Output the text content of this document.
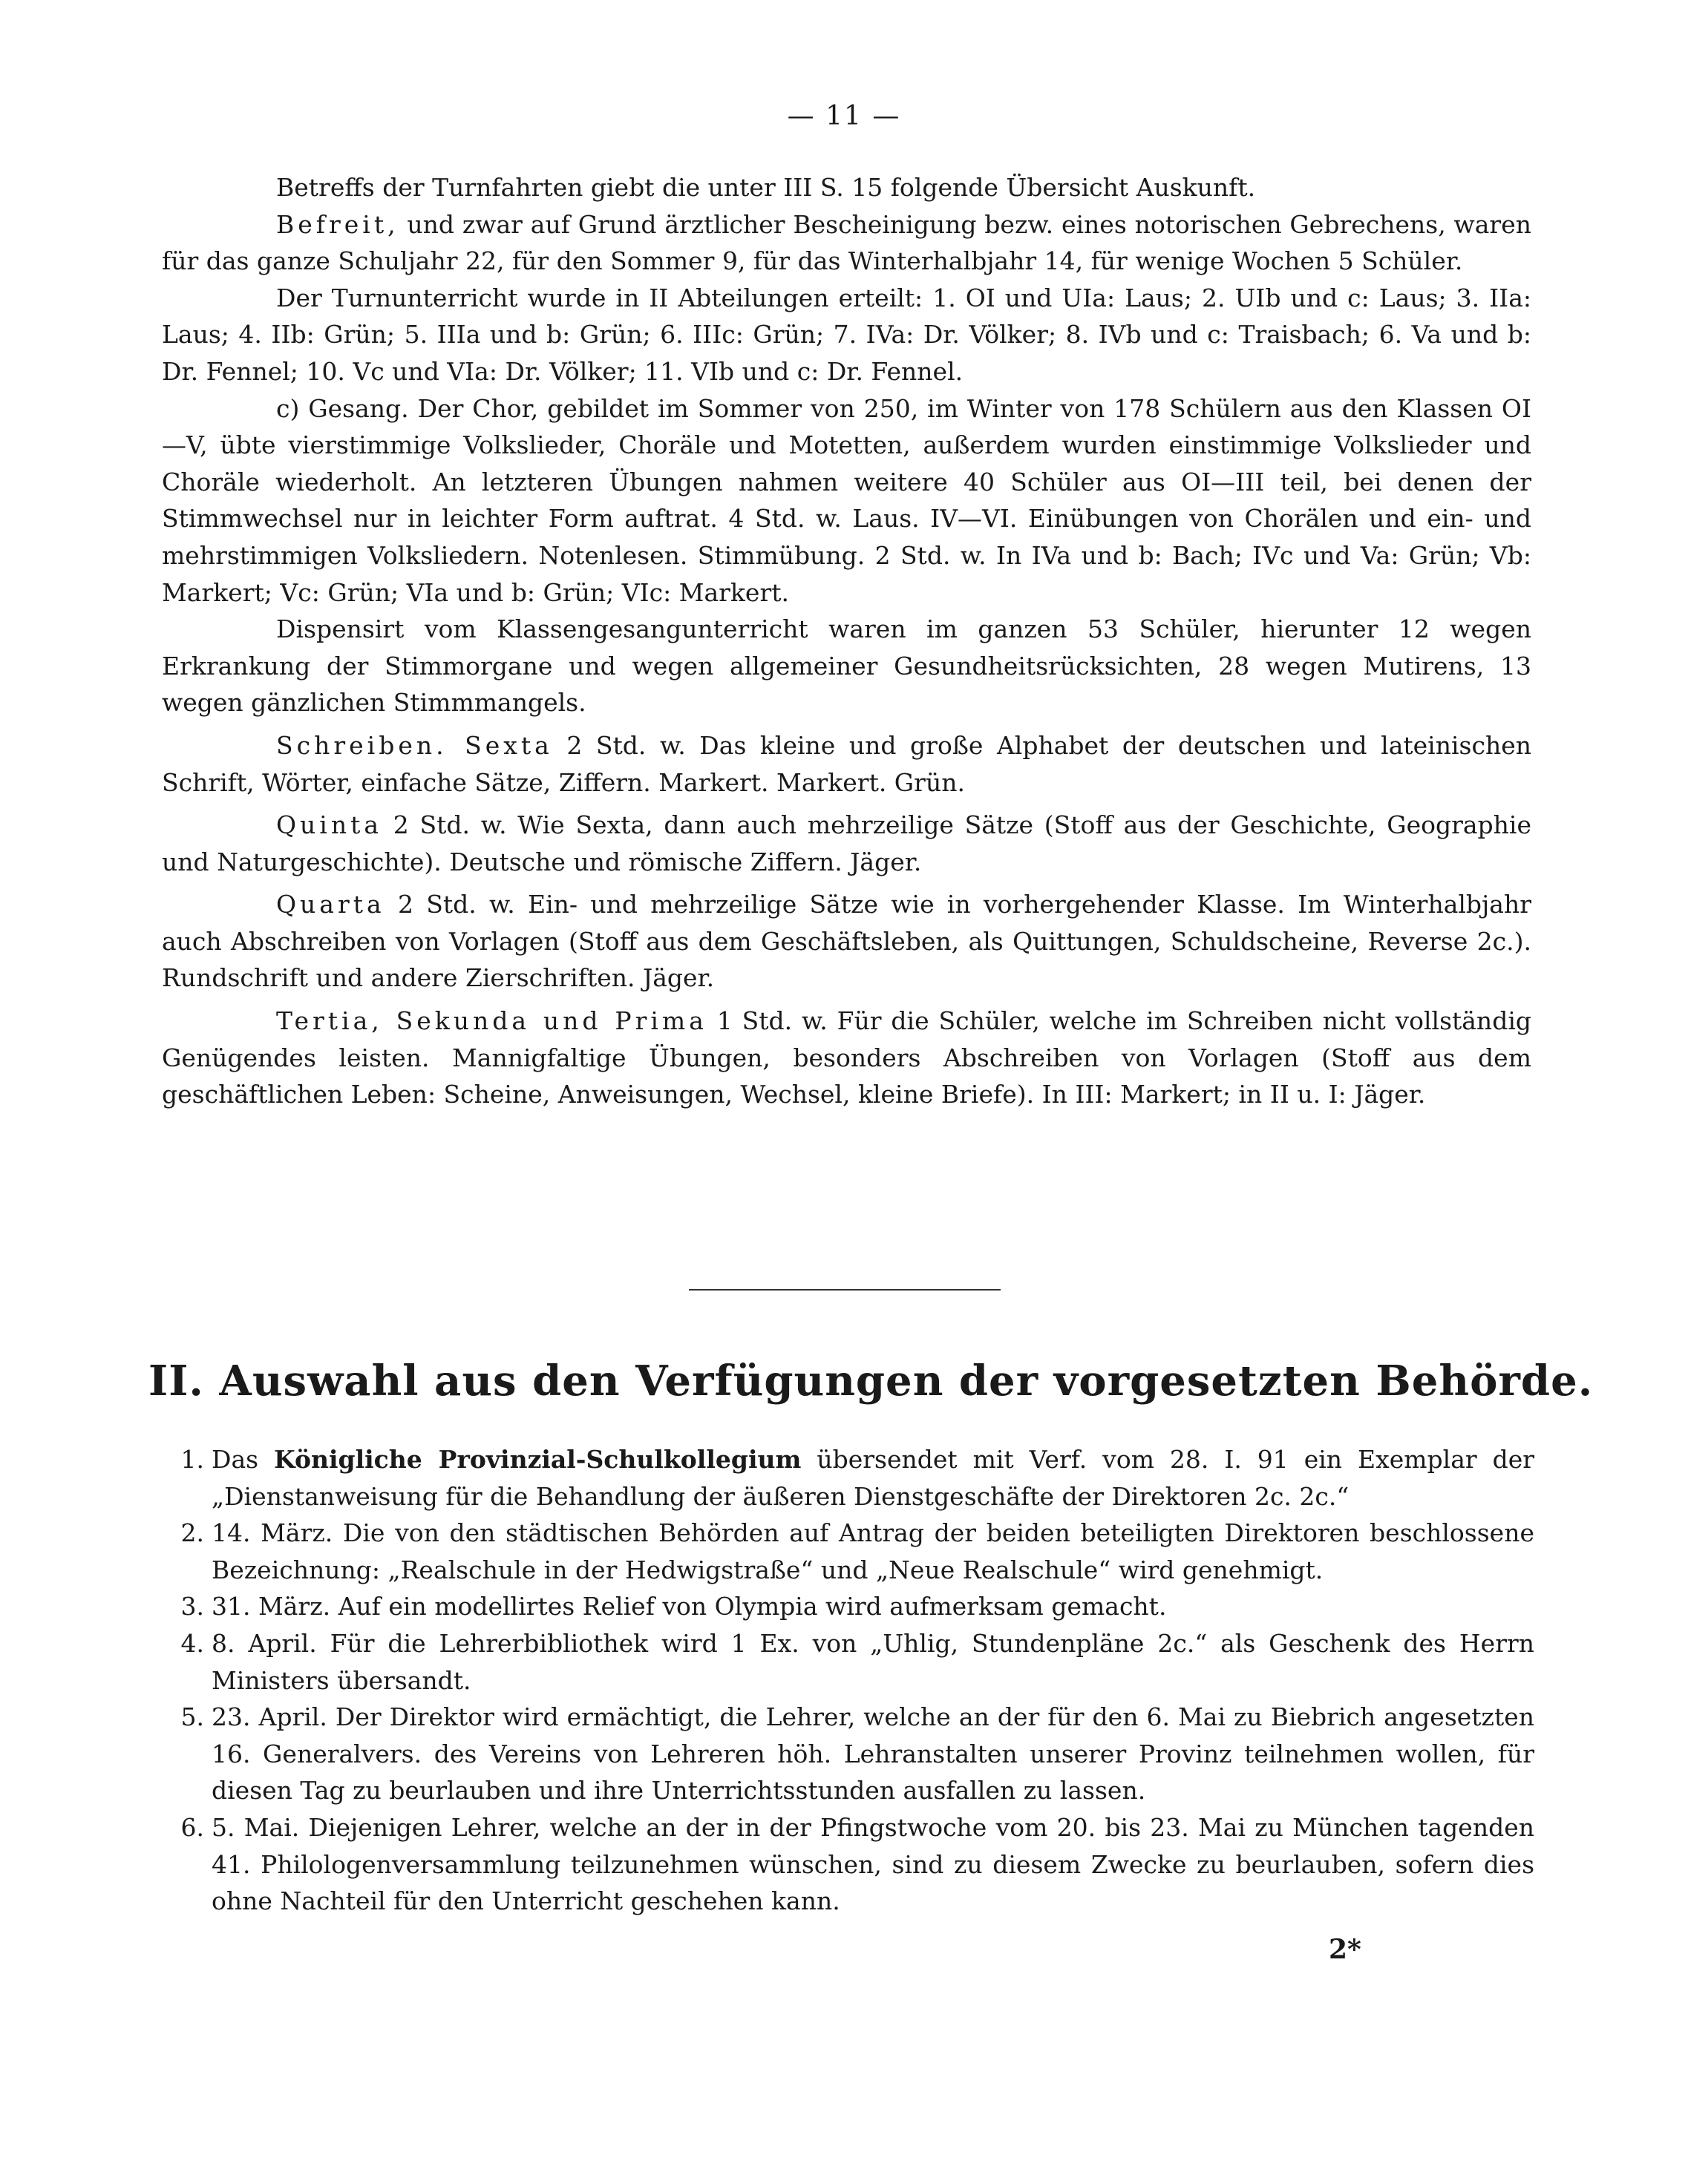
— 11 —

Betreffs der Turnfahrten giebt die unter III S. 15 folgende Übersicht Auskunft.

Befreit, und zwar auf Grund ärztlicher Bescheinigung bezw. eines notorischen Gebrechens, waren für das ganze Schuljahr 22, für den Sommer 9, für das Winterhalbjahr 14, für wenige Wochen 5 Schüler.

Der Turnunterricht wurde in II Abteilungen erteilt: 1. OI und UIa: Laus; 2. UIb und c: Laus; 3. IIa: Laus; 4. IIb: Grün; 5. IIIa und b: Grün; 6. IIIc: Grün; 7. IVa: Dr. Völker; 8. IVb und c: Traisbach; 6. Va und b: Dr. Fennel; 10. Vc und VIa: Dr. Völker; 11. VIb und c: Dr. Fennel.

c) Gesang. Der Chor, gebildet im Sommer von 250, im Winter von 178 Schülern aus den Klassen OI—V, übte vierstimmige Volkslieder, Choräle und Motetten, außerdem wurden einstimmige Volkslieder und Choräle wiederholt. An letzteren Übungen nahmen weitere 40 Schüler aus OI—III teil, bei denen der Stimmwechsel nur in leichter Form auftrat. 4 Std. w. Laus. IV—VI. Einübungen von Chorälen und ein- und mehrstimmigen Volksliedern. Notenlesen. Stimmübung. 2 Std. w. In IVa und b: Bach; IVc und Va: Grün; Vb: Markert; Vc: Grün; VIa und b: Grün; VIc: Markert.

Dispensirt vom Klassengesangunterricht waren im ganzen 53 Schüler, hierunter 12 wegen Erkrankung der Stimmorgane und wegen allgemeiner Gesundheitsrücksichten, 28 wegen Mutirens, 13 wegen gänzlichen Stimmmangels.

Schreiben. Sexta 2 Std. w. Das kleine und große Alphabet der deutschen und lateinischen Schrift, Wörter, einfache Sätze, Ziffern. Markert. Markert. Grün.

Quinta 2 Std. w. Wie Sexta, dann auch mehrzeilige Sätze (Stoff aus der Geschichte, Geographie und Naturgeschichte). Deutsche und römische Ziffern. Jäger.

Quarta 2 Std. w. Ein- und mehrzeilige Sätze wie in vorhergehender Klasse. Im Winterhalbjahr auch Abschreiben von Vorlagen (Stoff aus dem Geschäftsleben, als Quittungen, Schuldscheine, Reverse 2c.). Rundschrift und andere Zierschriften. Jäger.

Tertia, Sekunda und Prima 1 Std. w. Für die Schüler, welche im Schreiben nicht vollständig Genügendes leisten. Mannigfaltige Übungen, besonders Abschreiben von Vorlagen (Stoff aus dem geschäftlichen Leben: Scheine, Anweisungen, Wechsel, kleine Briefe). In III: Markert; in II u. I: Jäger.

II. Auswahl aus den Verfügungen der vorgesetzten Behörde.
1. Das Königliche Provinzial-Schulkollegium übersendet mit Verf. vom 28. I. 91 ein Exemplar der „Dienstanweisung für die Behandlung der äußeren Dienstgeschäfte der Direktoren 2c. 2c.“
2. 14. März. Die von den städtischen Behörden auf Antrag der beiden beteiligten Direktoren beschlossene Bezeichnung: „Realschule in der Hedwigstraße“ und „Neue Realschule“ wird genehmigt.
3. 31. März. Auf ein modellirtes Relief von Olympia wird aufmerksam gemacht.
4. 8. April. Für die Lehrerbibliothek wird 1 Ex. von „Uhlig, Stundenpläne 2c.“ als Geschenk des Herrn Ministers übersandt.
5. 23. April. Der Direktor wird ermächtigt, die Lehrer, welche an der für den 6. Mai zu Biebrich angesetzten 16. Generalvers. des Vereins von Lehreren höh. Lehranstalten unserer Provinz teilnehmen wollen, für diesen Tag zu beurlauben und ihre Unterrichtsstunden ausfallen zu lassen.
6. 5. Mai. Diejenigen Lehrer, welche an der in der Pfingstwoche vom 20. bis 23. Mai zu München tagenden 41. Philologenversammlung teilzunehmen wünschen, sind zu diesem Zwecke zu beurlauben, sofern dies ohne Nachteil für den Unterricht geschehen kann.
2*
